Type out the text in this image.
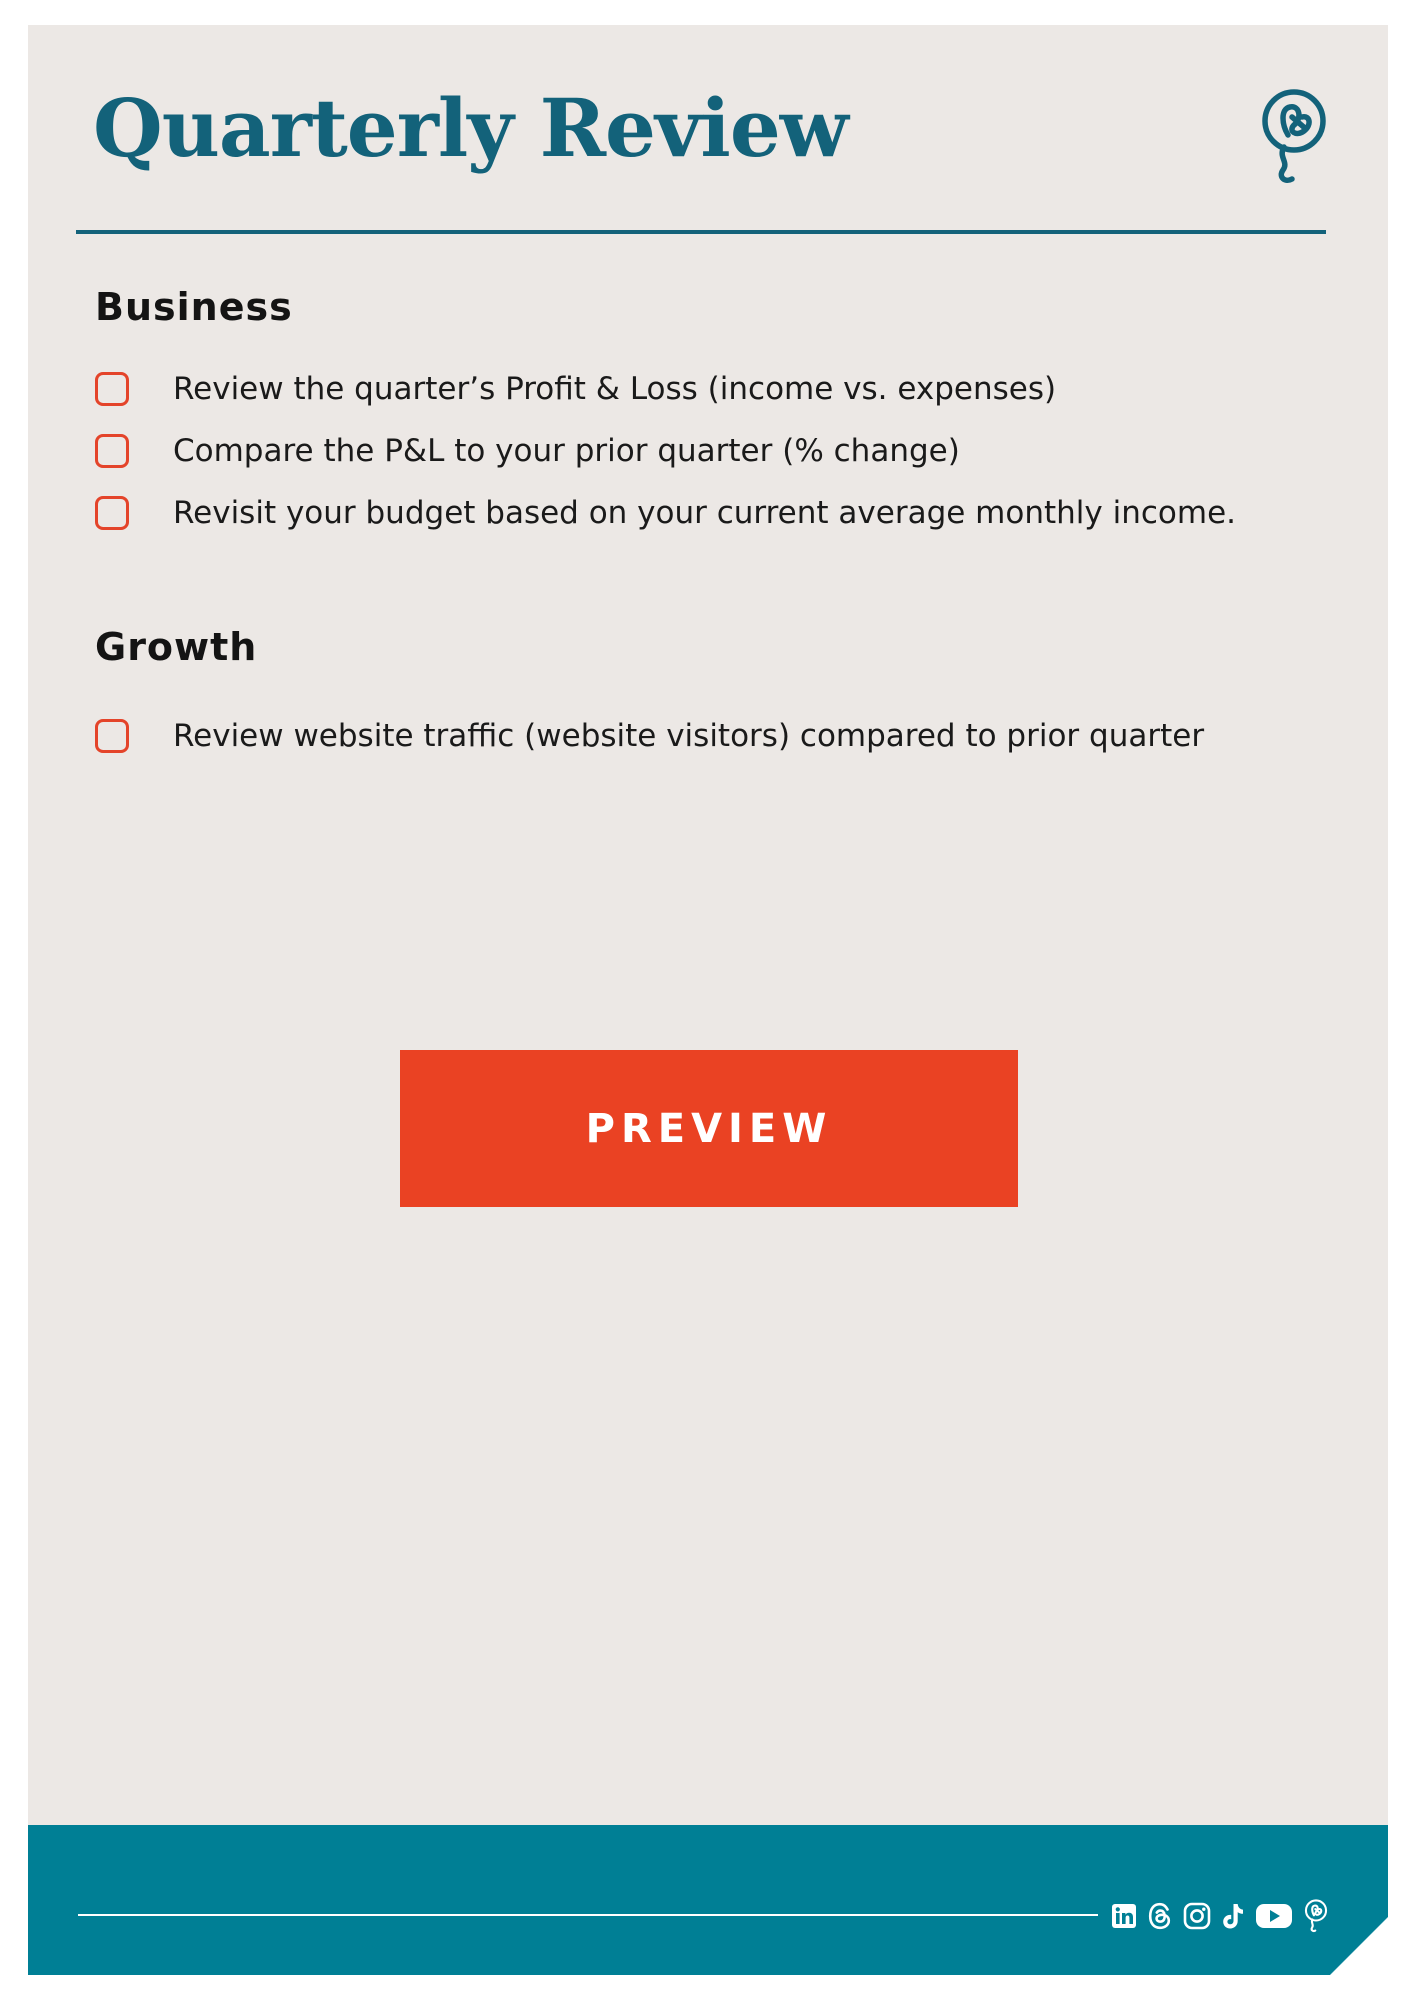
Quarterly Review
Business
Review the quarter’s Profit & Loss (income vs. expenses)
Compare the P&L to your prior quarter (% change)
Revisit your budget based on your current average monthly income.
Growth
Review website traffic (website visitors) compared to prior quarter
PREVIEW
